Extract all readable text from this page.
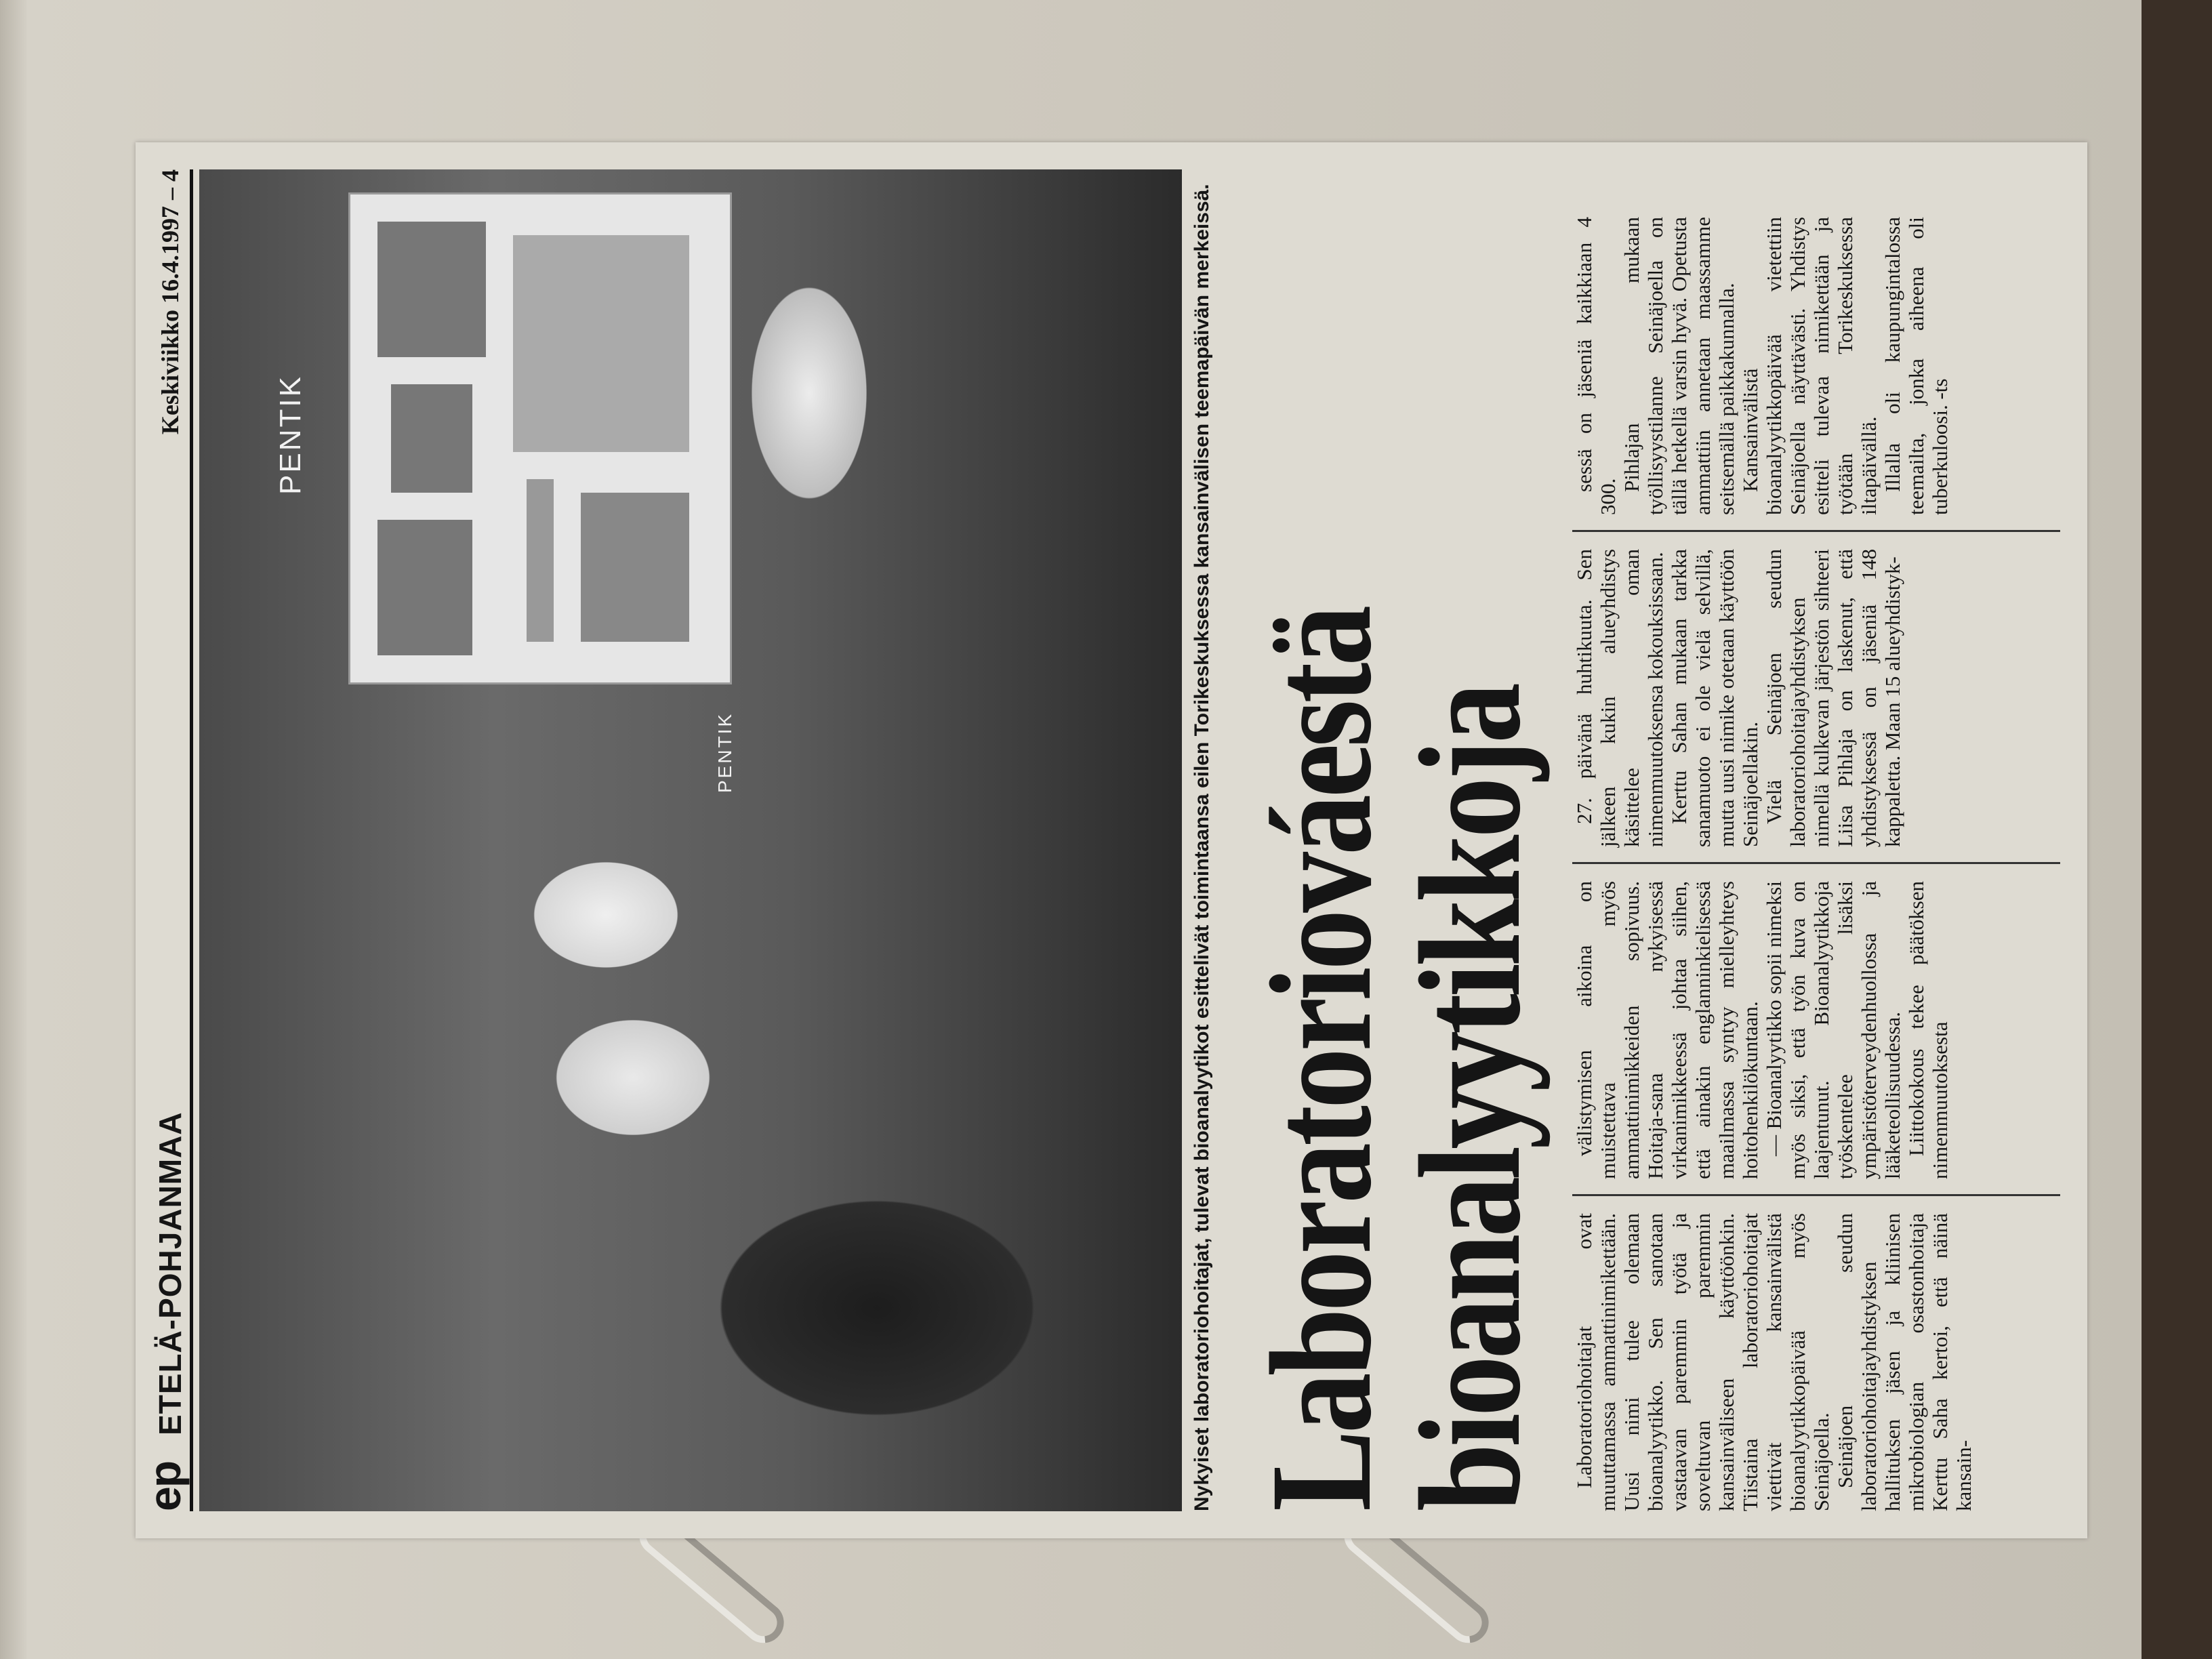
ep
ETELÄ-POHJANMAA
Keskiviikko 16.4.1997 – 4
PENTIK
PENTIK	Nykyiset laboratoriohoitajat, tulevat bioanalyytikot esittelivät toimintaansa eilen Torikeskuksessa kansainvälisen teemapäivän merkeissä. Laboratoriováestä
bioanalyytikkoja Laboratoriohoitajat ovat muuttamassa ammattinimikettään. Uusi nimi tulee olemaan bioanalyytikko. Sen sanotaan vastaavan paremmin työtä ja soveltuvan paremmin kansainväliseen käyttöönkin. Tiistaina laboratoriohoitajat viettivät kansainvälistä bioanalyytikkopäivää myös Seinäjoella. Seinäjoen seudun laboratoriohoitajayhdistyksen hallituksen jäsen ja kliinisen mikrobiologian osastonhoitaja Kerttu Saha kertoi, että näinä kansain-

välistymisen aikoina on muistettava myös ammattinimikkeiden sopivuus. Hoitaja-sana nykyisessä virkanimikkeessä johtaa siihen, että ainakin englanninkielisessä maailmassa syntyy mielleyhteys hoitohenkilökuntaan. — Bioanalyytikko sopii nimeksi myös siksi, että työn kuva on laajentunut. Bioanalyytikkoja työskentelee lisäksi ympäristöterveydenhuollossa ja lääketeollisuudessa. Liittokokous tekee päätöksen nimenmuutoksesta

27. päivänä huhtikuuta. Sen jälkeen kukin alueyhdistys käsittelee oman nimenmuutoksensa kokouksissaan. Kerttu Sahan mukaan tarkka sanamuoto ei ole vielä selvillä, mutta uusi nimike otetaan käyttöön Seinäjoellakin. Vielä Seinäjoen seudun laboratoriohoitajayhdistyksen nimellä kulkevan järjestön sihteeri Liisa Pihlaja on laskenut, että yhdistyksessä on jäseniä 148 kappaletta. Maan 15 alueyhdistyk-

sessä on jäseniä kaikkiaan 4 300.

Pihlajan mukaan työllisyystilanne Seinäjoella on tällä hetkellä varsin hyvä. Opetusta ammattiin annetaan maassamme seitsemällä paikkakunnalla. Kansainvälistä bioanalyytikkopäivää vietettiin Seinäjoella näyttävästi. Yhdistys esitteli tulevaa nimikettään ja työtään Torikeskuksessa iltapäivällä. Illalla oli kaupungintalossa teemailta, jonka aiheena oli tuberkuloosi. -ts
